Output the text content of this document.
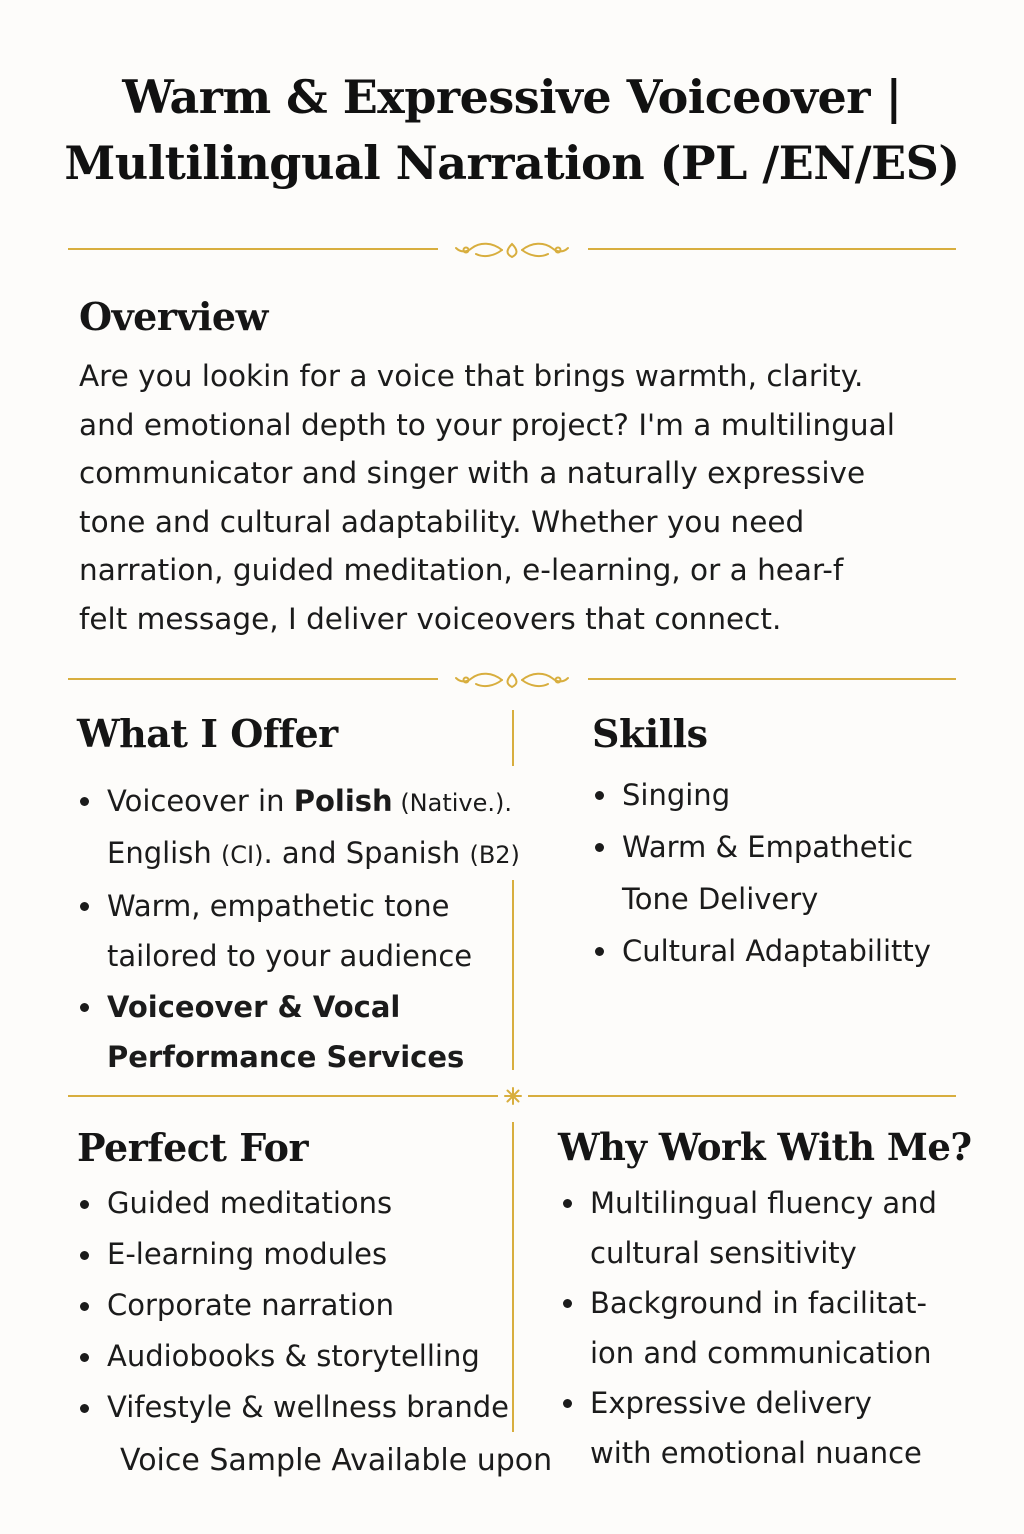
Warm & Expressive Voiceover |
Multilingual Narration (PL /EN/ES)
Overview
Are you lookin for a voice that brings warmth, clarity.
and emotional depth to your project? I'm a multilingual
communicator and singer with a naturally expressive
tone and cultural adaptability. Whether you need
narration, guided meditation, e-learning, or a hear-f
felt message, I deliver voiceovers that connect.
What I Offer
Voiceover in Polish (Native.).
English (CI). and Spanish (B2)
Warm, empathetic tone
tailored to your audience
Voiceover & Vocal
Performance Services
Skills
Singing
Warm & Empathetic
Tone Delivery
Cultural Adaptabilitty
Perfect For
Guided meditations
E-learning modules
Corporate narration
Audiobooks & storytelling
Vifestyle & wellness brande
Why Work With Me?
Multilingual fluency and
cultural sensitivity
Background in facilitat-
ion and communication
Expressive delivery
with emotional nuance
Voice Sample Available upon
